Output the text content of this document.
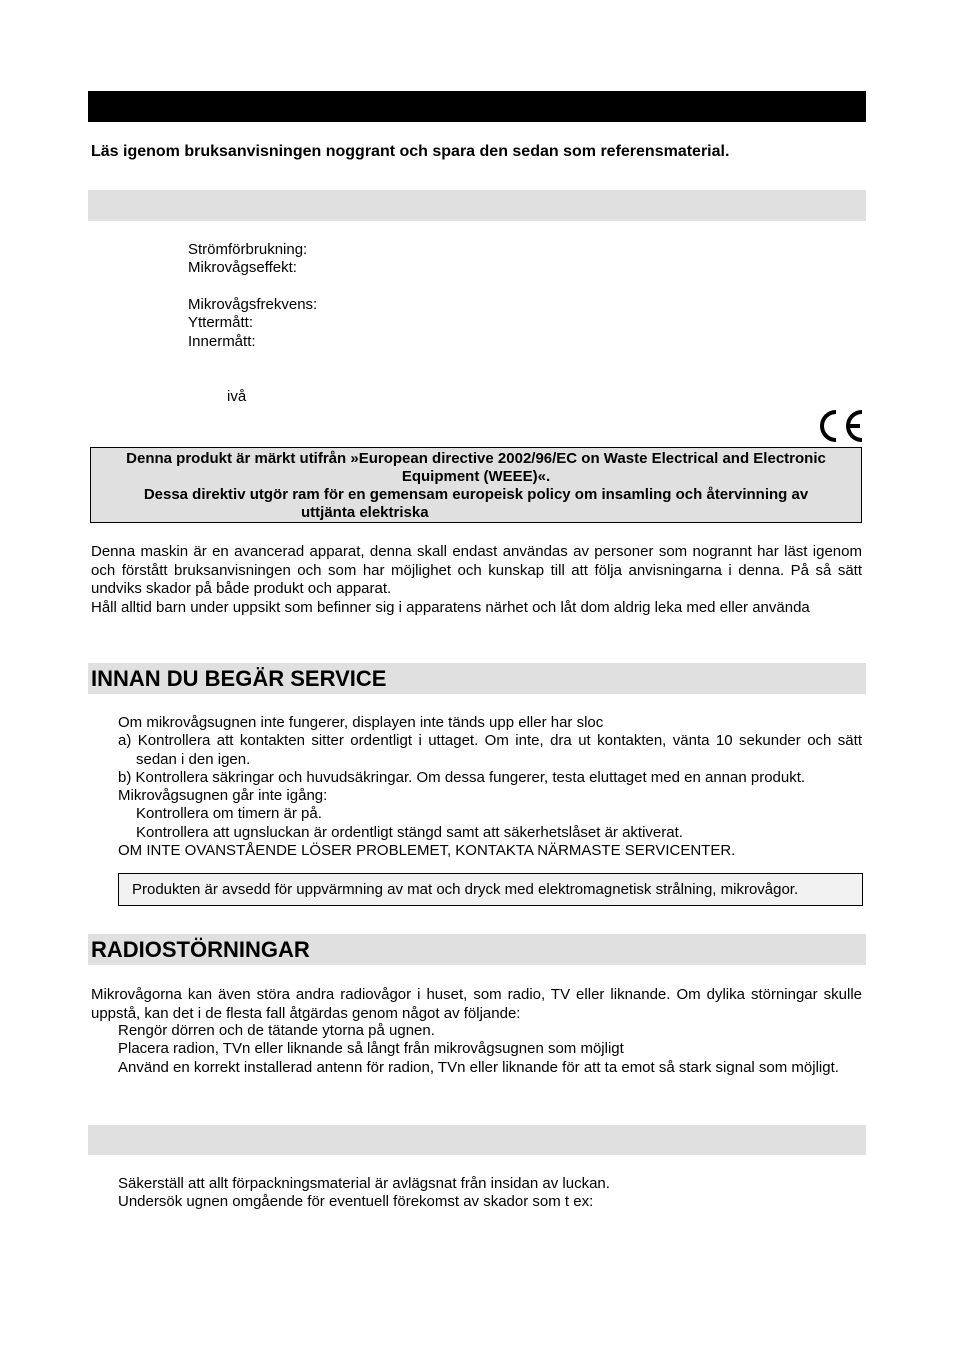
Läs igenom bruksanvisningen noggrant och spara den sedan som referensmaterial.
Strömförbrukning:
Mikrovågseffekt:
Mikrovågsfrekvens:
Yttermått:
Innermått:
ivå
Denna produkt är märkt utifrån »European directive 2002/96/EC on Waste Electrical and Electronic
Equipment (WEEE)«.
Dessa direktiv utgör ram för en gemensam europeisk policy om insamling och återvinning av
uttjänta elektriska

Denna maskin är en avancerad apparat, denna skall endast användas av personer som nogrannt har läst igenom och förstått bruksanvisningen och som har möjlighet och kunskap till att följa anvisningarna i denna. På så sätt undviks skador på både produkt och apparat.

Håll alltid barn under uppsikt som befinner sig i apparatens närhet och låt dom aldrig leka med eller använda

INNAN DU BEGÄR SERVICE

Om mikrovågsugnen inte fungerer, displayen inte tänds upp eller har sloc

a) Kontrollera att kontakten sitter ordentligt i uttaget. Om inte, dra ut kontakten, vänta 10 sekunder och sätt sedan i den igen.

b) Kontrollera säkringar och huvudsäkringar. Om dessa fungerer, testa eluttaget med en annan produkt.

Mikrovågsugnen går inte igång:

Kontrollera om timern är på.

Kontrollera att ugnsluckan är ordentligt stängd samt att säkerhetslåset är aktiverat.

OM INTE OVANSTÅENDE LÖSER PROBLEMET, KONTAKTA NÄRMASTE SERVICENTER.

Produkten är avsedd för uppvärmning av mat och dryck med elektromagnetisk strålning, mikrovågor.
RADIOSTÖRNINGAR
Mikrovågorna kan även störa andra radiovågor i huset, som radio, TV eller liknande. Om dylika störningar skulle uppstå, kan det i de flesta fall åtgärdas genom något av följande:

Rengör dörren och de tätande ytorna på ugnen.

Placera radion, TVn eller liknande så långt från mikrovågsugnen som möjligt

Använd en korrekt installerad antenn för radion, TVn eller liknande för att ta emot så stark signal som möjligt.

Säkerställ att allt förpackningsmaterial är avlägsnat från insidan av luckan.

Undersök ugnen omgående för eventuell förekomst av skador som t ex:
